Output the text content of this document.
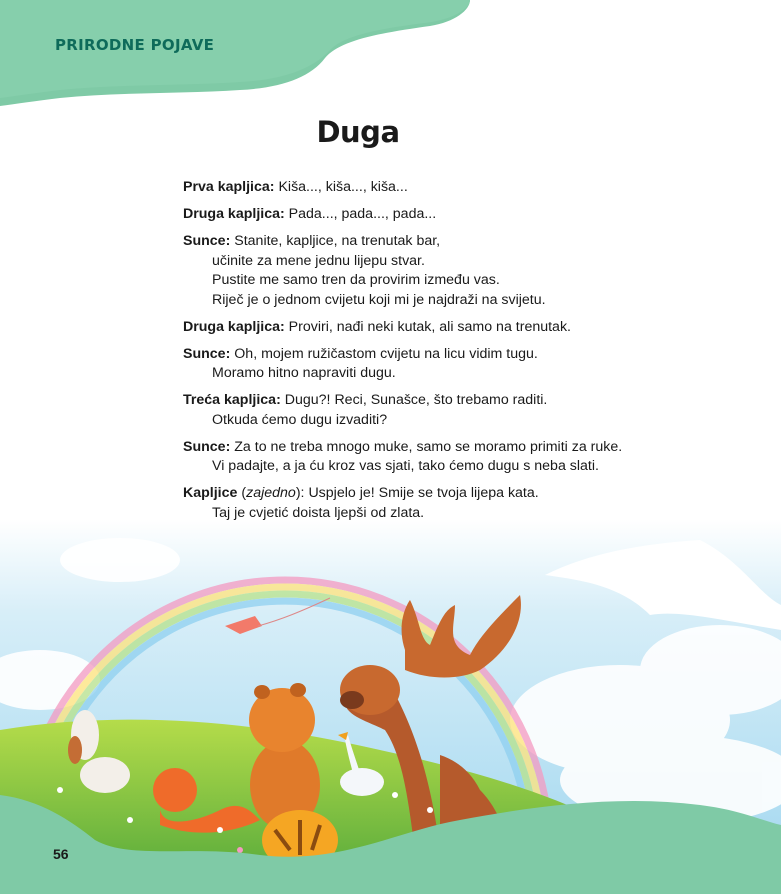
PRIRODNE POJAVE
Duga
Prva kapljica: Kiša..., kiša..., kiša...
Druga kapljica: Pada..., pada..., pada...
Sunce: Stanite, kapljice, na trenutak bar,
učinite za mene jednu lijepu stvar.
Pustite me samo tren da provirim između vas.
Riječ je o jednom cvijetu koji mi je najdraži na svijetu.
Druga kapljica: Proviri, nađi neki kutak, ali samo na trenutak.
Sunce: Oh, mojem ružičastom cvijetu na licu vidim tugu.
Moramo hitno napraviti dugu.
Treća kapljica: Dugu?! Reci, Sunašce, što trebamo raditi.
Otkuda ćemo dugu izvaditi?
Sunce: Za to ne treba mnogo muke, samo se moramo primiti za ruke.
Vi padajte, a ja ću kroz vas sjati, tako ćemo dugu s neba slati.
Kapljice (zajedno): Uspjelo je! Smije se tvoja lijepa kata.
Taj je cvjetić doista ljepši od zlata.
56
